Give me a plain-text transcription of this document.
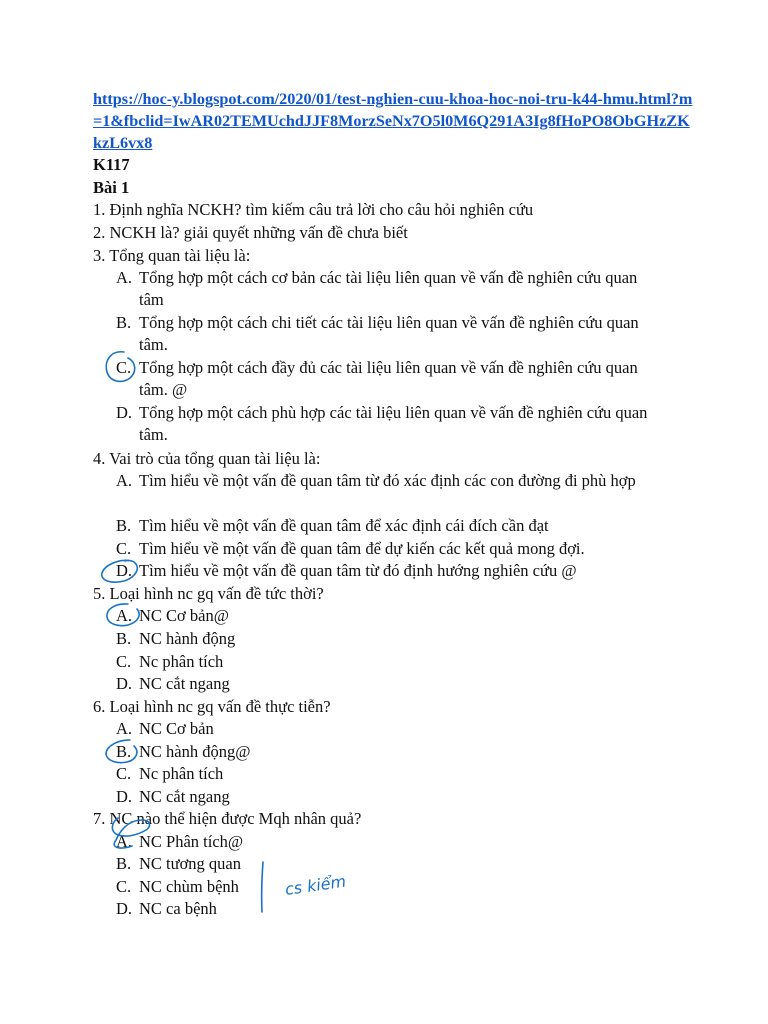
https://hoc-y.blogspot.com/2020/01/test-nghien-cuu-khoa-hoc-noi-tru-k44-hmu.html?m=1&fbclid=IwAR02TEMUchdJJF8MorzSeNx7O5l0M6Q291A3Ig8fHoPO8ObGHzZKkzL6vx8
K117
Bài 1
1. Định nghĩa NCKH? tìm kiếm câu trả lời cho câu hỏi nghiên cứu
2. NCKH là? giải quyết những vấn đề chưa biết
3. Tổng quan tài liệu là:
A. Tổng hợp một cách cơ bản các tài liệu liên quan về vấn đề nghiên cứu quan tâm
B. Tổng hợp một cách chi tiết các tài liệu liên quan về vấn đề nghiên cứu quan tâm.
C. Tổng hợp một cách đầy đủ các tài liệu liên quan về vấn đề nghiên cứu quan tâm. @
D. Tổng hợp một cách phù hợp các tài liệu liên quan về vấn đề nghiên cứu quan tâm.
4. Vai trò của tổng quan tài liệu là:
A. Tìm hiểu về một vấn đề quan tâm từ đó xác định các con đường đi phù hợp
B. Tìm hiểu về một vấn đề quan tâm để xác định cái đích cần đạt
C. Tìm hiểu về một vấn đề quan tâm để dự kiến các kết quả mong đợi.
D. Tìm hiểu về một vấn đề quan tâm từ đó định hướng nghiên cứu @
5. Loại hình nc gq vấn đề tức thời?
A. NC Cơ bản@
B. NC hành động
C. Nc phân tích
D. NC cắt ngang
6. Loại hình nc gq vấn đề thực tiễn?
A. NC Cơ bản
B. NC hành động@
C. Nc phân tích
D. NC cắt ngang
7. NC nào thể hiện được Mqh nhân quả?
A. NC Phân tích@
B. NC tương quan
C. NC chùm bệnh
D. NC ca bệnh
cs kiểm
